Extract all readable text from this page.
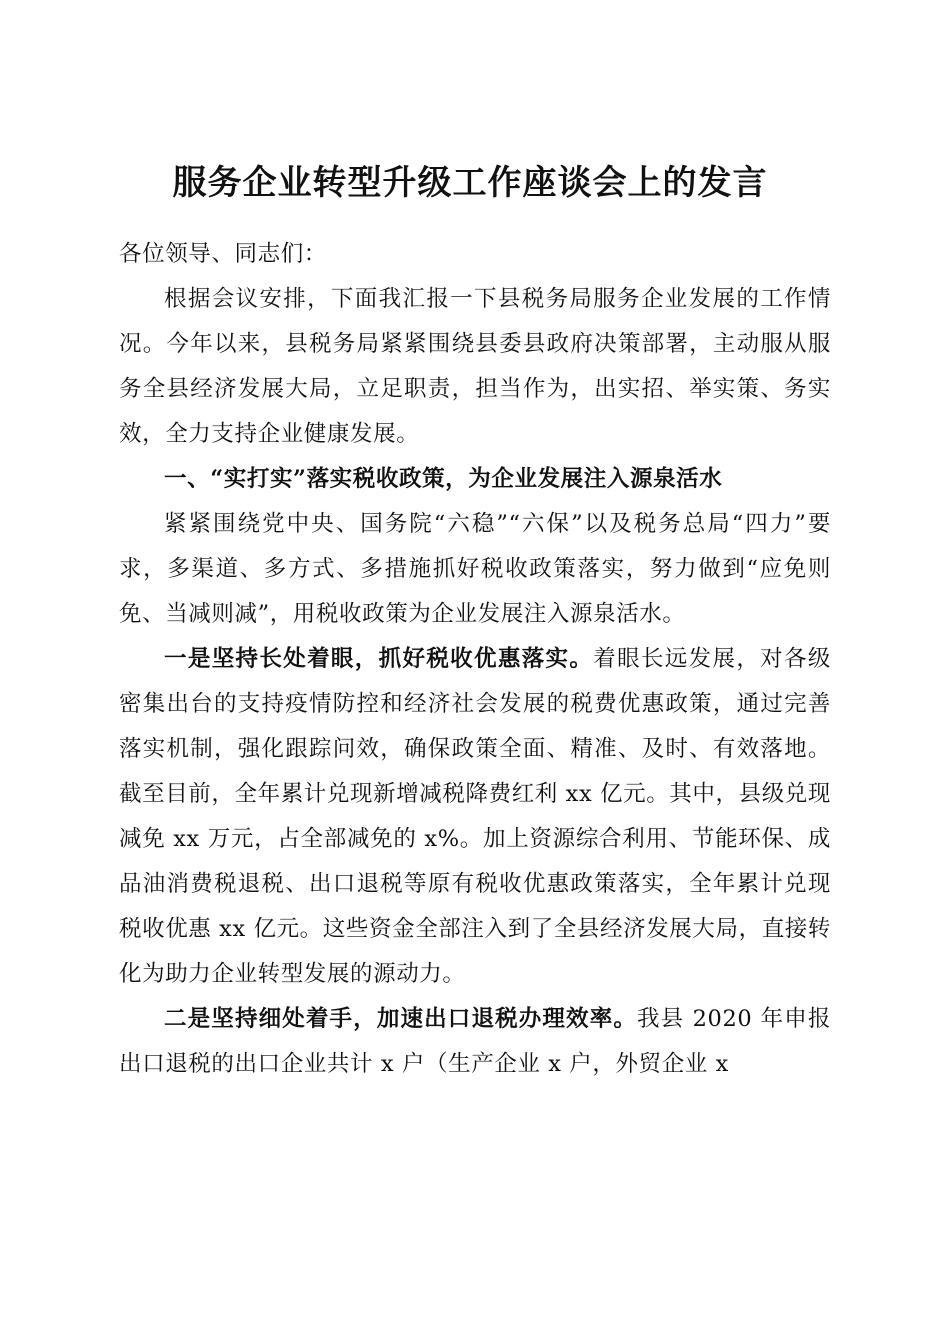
服务企业转型升级工作座谈会上的发言

各位领导、同志们：

根据会议安排，下面我汇报一下县税务局服务企业发展的工作情况。今年以来，县税务局紧紧围绕县委县政府决策部署，主动服从服务全县经济发展大局，立足职责，担当作为，出实招、举实策、务实效，全力支持企业健康发展。

一、“实打实”落实税收政策，为企业发展注入源泉活水

紧紧围绕党中央、国务院“六稳”“六保”以及税务总局“四力”要求，多渠道、多方式、多措施抓好税收政策落实，努力做到“应免则免、当减则减”，用税收政策为企业发展注入源泉活水。

一是坚持长处着眼，抓好税收优惠落实。着眼长远发展，对各级密集出台的支持疫情防控和经济社会发展的税费优惠政策，通过完善落实机制，强化跟踪问效，确保政策全面、精准、及时、有效落地。截至目前，全年累计兑现新增减税降费红利 xx 亿元。其中，县级兑现减免 xx 万元，占全部减免的 x%。加上资源综合利用、节能环保、成品油消费税退税、出口退税等原有税收优惠政策落实，全年累计兑现税收优惠 xx 亿元。这些资金全部注入到了全县经济发展大局，直接转化为助力企业转型发展的源动力。

二是坚持细处着手，加速出口退税办理效率。我县 2020 年申报出口退税的出口企业共计 x 户（生产企业 x 户，外贸企业 x
